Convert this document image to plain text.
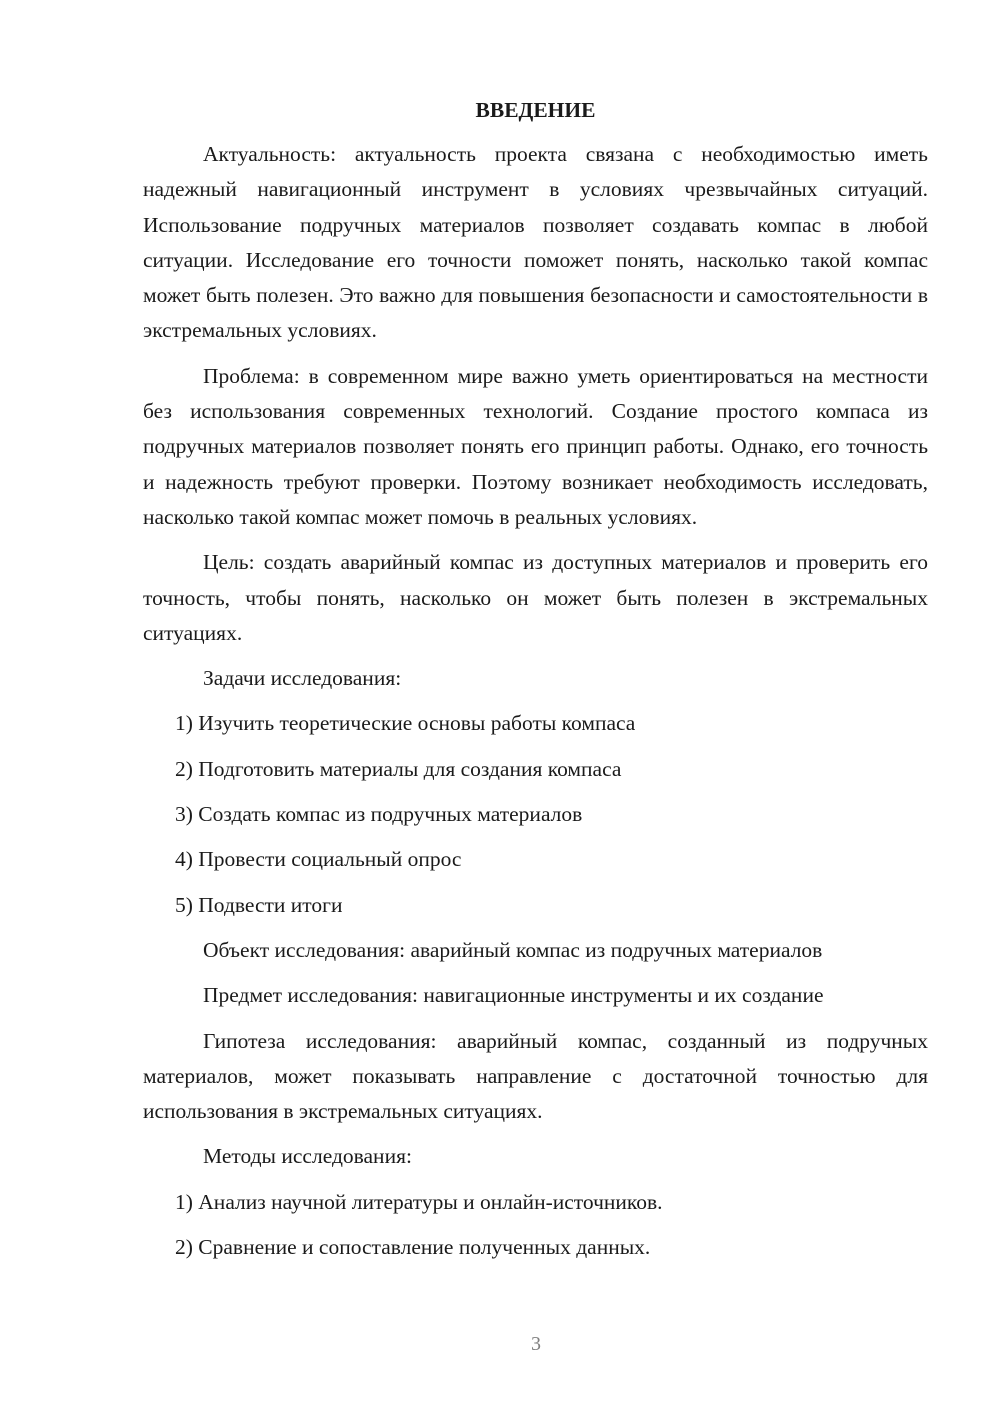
ВВЕДЕНИЕ

Актуальность: актуальность проекта связана с необходимостью иметь надежный навигационный инструмент в условиях чрезвычайных ситуаций. Использование подручных материалов позволяет создавать компас в любой ситуации. Исследование его точности поможет понять, насколько такой компас может быть полезен. Это важно для повышения безопасности и самостоятельности в экстремальных условиях.

Проблема: в современном мире важно уметь ориентироваться на местности без использования современных технологий. Создание простого компаса из подручных материалов позволяет понять его принцип работы. Однако, его точность и надежность требуют проверки. Поэтому возникает необходимость исследовать, насколько такой компас может помочь в реальных условиях.

Цель: создать аварийный компас из доступных материалов и проверить его точность, чтобы понять, насколько он может быть полезен в экстремальных ситуациях.

Задачи исследования:

1) Изучить теоретические основы работы компаса

2) Подготовить материалы для создания компаса

3) Создать компас из подручных материалов

4) Провести социальный опрос

5) Подвести итоги

Объект исследования: аварийный компас из подручных материалов

Предмет исследования: навигационные инструменты и их создание

Гипотеза исследования: аварийный компас, созданный из подручных материалов, может показывать направление с достаточной точностью для использования в экстремальных ситуациях.

Методы исследования:

1) Анализ научной литературы и онлайн-источников.

2) Сравнение и сопоставление полученных данных.

3
